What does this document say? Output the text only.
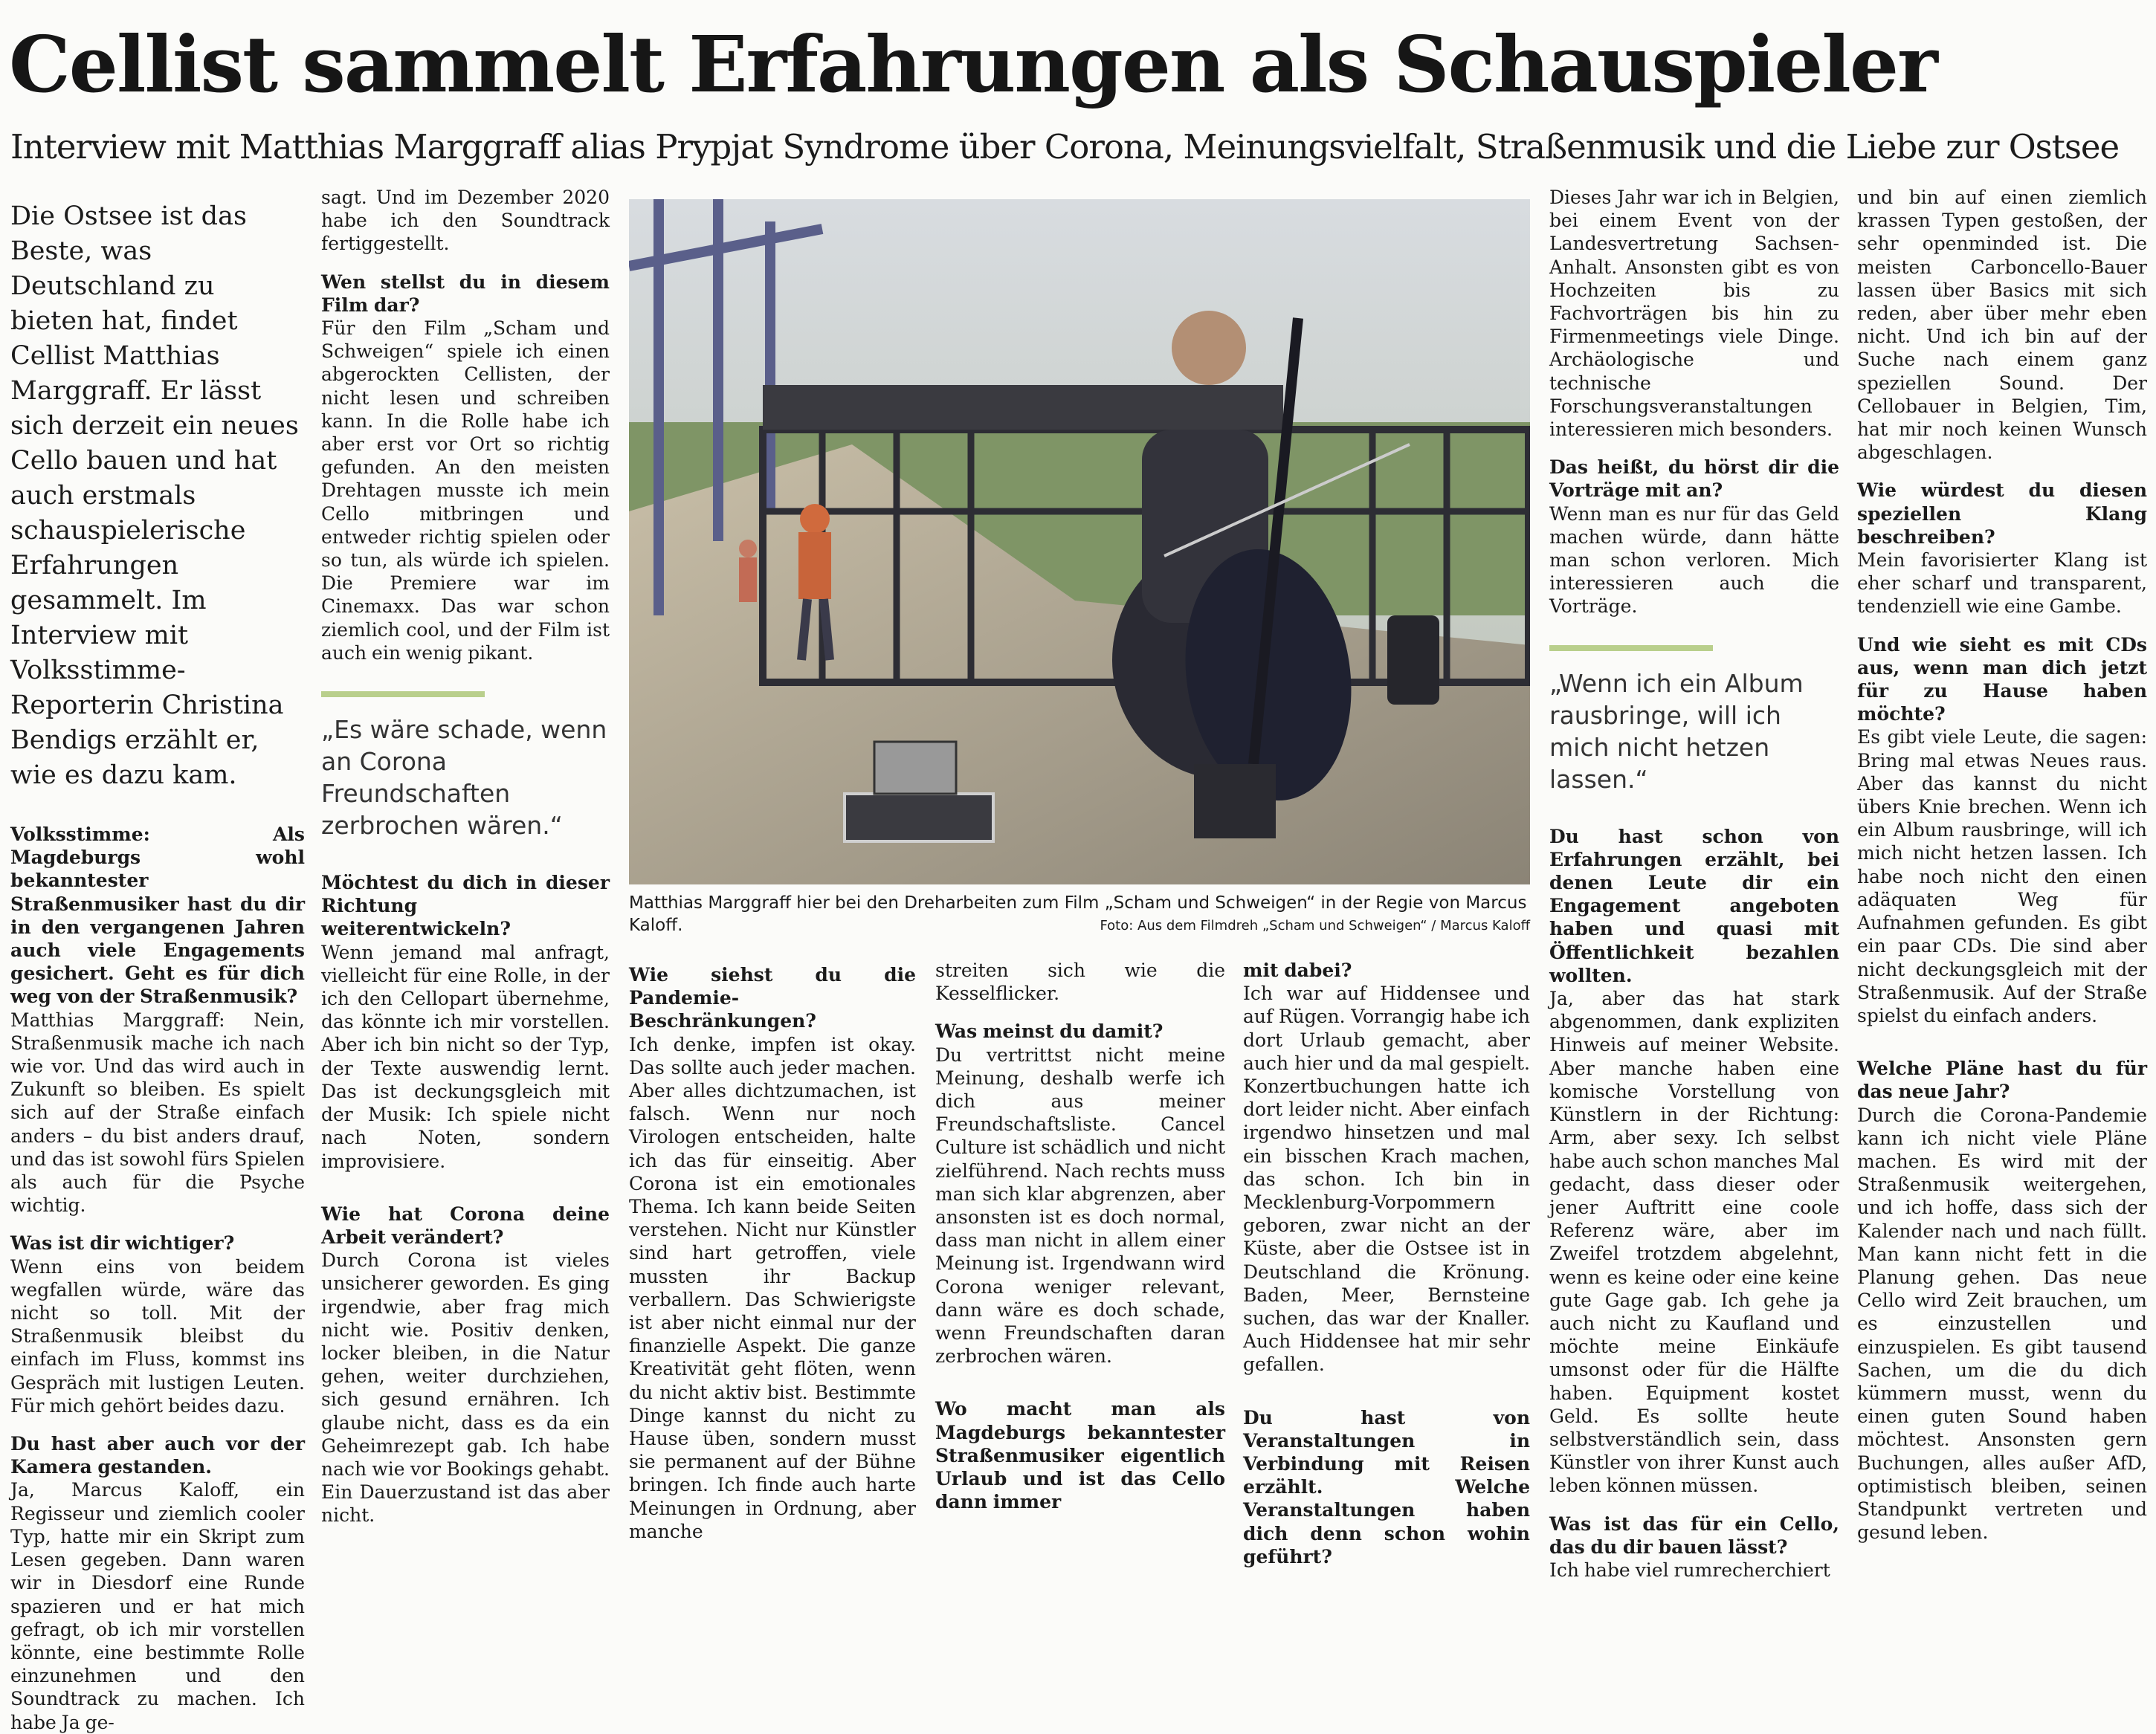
Cellist sammelt Erfahrungen als Schauspieler
Interview mit Matthias Marggraff alias Prypjat Syndrome über Corona, Meinungsvielfalt, Straßenmusik und die Liebe zur Ostsee

Die Ostsee ist das Beste, was Deutschland zu bieten hat, findet Cellist Matthias Marggraff. Er lässt sich derzeit ein neues Cello bauen und hat auch erstmals schauspielerische Erfahrungen gesammelt. Im Interview mit Volksstimme-Reporterin Christina Bendigs erzählt er, wie es dazu kam.

Volksstimme: Als Magdeburgs wohl bekanntester Straßenmusiker hast du dir in den vergangenen Jahren auch viele Engagements gesichert. Geht es für dich weg von der Straßenmusik?

Matthias Marggraff: Nein, Straßenmusik mache ich nach wie vor. Und das wird auch in Zukunft so bleiben. Es spielt sich auf der Straße einfach anders – du bist anders drauf, und das ist sowohl fürs Spielen als auch für die Psyche wichtig.

Was ist dir wichtiger?

Wenn eins von beidem wegfallen würde, wäre das nicht so toll. Mit der Straßenmusik bleibst du einfach im Fluss, kommst ins Gespräch mit lustigen Leuten. Für mich gehört beides dazu.

Du hast aber auch vor der Kamera gestanden.

Ja, Marcus Kaloff, ein Regisseur und ziemlich cooler Typ, hatte mir ein Skript zum Lesen gegeben. Dann waren wir in Diesdorf eine Runde spazieren und er hat mich gefragt, ob ich mir vorstellen könnte, eine bestimmte Rolle einzunehmen und den Soundtrack zu machen. Ich habe Ja ge-

sagt. Und im Dezember 2020 habe ich den Soundtrack fertiggestellt.

Wen stellst du in diesem Film dar?

Für den Film „Scham und Schweigen“ spiele ich einen abgerockten Cellisten, der nicht lesen und schreiben kann. In die Rolle habe ich aber erst vor Ort so richtig gefunden. An den meisten Drehtagen musste ich mein Cello mitbringen und entweder richtig spielen oder so tun, als würde ich spielen. Die Premiere war im Cinemaxx. Das war schon ziemlich cool, und der Film ist auch ein wenig pikant.

„Es wäre schade, wenn an Corona Freundschaften zerbrochen wären.“

Möchtest du dich in dieser Richtung weiterentwickeln?

Wenn jemand mal anfragt, vielleicht für eine Rolle, in der ich den Cellopart übernehme, das könnte ich mir vorstellen. Aber ich bin nicht so der Typ, der Texte auswendig lernt. Das ist deckungsgleich mit der Musik: Ich spiele nicht nach Noten, sondern improvisiere.

Wie hat Corona deine Arbeit verändert?

Durch Corona ist vieles unsicherer geworden. Es ging irgendwie, aber frag mich nicht wie. Positiv denken, locker bleiben, in die Natur gehen, weiter durchziehen, sich gesund ernähren. Ich glaube nicht, dass es da ein Geheimrezept gab. Ich habe nach wie vor Bookings gehabt. Ein Dauerzustand ist das aber nicht.

Matthias Marggraff hier bei den Dreharbeiten zum Film „Scham und Schweigen“ in der Regie von Marcus Kaloff.	Foto: Aus dem Filmdreh „Scham und Schweigen“ / Marcus Kaloff

Wie siehst du die Pandemie-Beschränkungen?

Ich denke, impfen ist okay. Das sollte auch jeder machen. Aber alles dichtzumachen, ist falsch. Wenn nur noch Virologen entscheiden, halte ich das für einseitig. Aber Corona ist ein emotionales Thema. Ich kann beide Seiten verstehen. Nicht nur Künstler sind hart getroffen, viele mussten ihr Backup verballern. Das Schwierigste ist aber nicht einmal nur der finanzielle Aspekt. Die ganze Kreativität geht flöten, wenn du nicht aktiv bist. Bestimmte Dinge kannst du nicht zu Hause üben, sondern musst sie permanent auf der Bühne bringen. Ich finde auch harte Meinungen in Ordnung, aber manche

streiten sich wie die Kesselflicker.

Was meinst du damit?

Du vertrittst nicht meine Meinung, deshalb werfe ich dich aus meiner Freundschaftsliste. Cancel Culture ist schädlich und nicht zielführend. Nach rechts muss man sich klar abgrenzen, aber ansonsten ist es doch normal, dass man nicht in allem einer Meinung ist. Irgendwann wird Corona weniger relevant, dann wäre es doch schade, wenn Freundschaften daran zerbrochen wären.

Wo macht man als Magdeburgs bekanntester Straßenmusiker eigentlich Urlaub und ist das Cello dann immer

mit dabei?

Ich war auf Hiddensee und auf Rügen. Vorrangig habe ich dort Urlaub gemacht, aber auch hier und da mal gespielt. Konzertbuchungen hatte ich dort leider nicht. Aber einfach irgendwo hinsetzen und mal ein bisschen Krach machen, das schon. Ich bin in Mecklenburg-Vorpommern geboren, zwar nicht an der Küste, aber die Ostsee ist in Deutschland die Krönung. Baden, Meer, Bernsteine suchen, das war der Knaller. Auch Hiddensee hat mir sehr gefallen.

Du hast von Veranstaltungen in Verbindung mit Reisen erzählt. Welche Veranstaltungen haben dich denn schon wohin geführt?

Dieses Jahr war ich in Belgien, bei einem Event von der Landesvertretung Sachsen-Anhalt. Ansonsten gibt es von Hochzeiten bis zu Fachvorträgen bis hin zu Firmenmeetings viele Dinge. Archäologische und technische Forschungsveranstaltungen interessieren mich besonders.

Das heißt, du hörst dir die Vorträge mit an?

Wenn man es nur für das Geld machen würde, dann hätte man schon verloren. Mich interessieren auch die Vorträge.

„Wenn ich ein Album rausbringe, will ich mich nicht hetzen lassen.“

Du hast schon von Erfahrungen erzählt, bei denen Leute dir ein Engagement angeboten haben und quasi mit Öffentlichkeit bezahlen wollten.

Ja, aber das hat stark abgenommen, dank expliziten Hinweis auf meiner Website. Aber manche haben eine komische Vorstellung von Künstlern in der Richtung: Arm, aber sexy. Ich selbst habe auch schon manches Mal gedacht, dass dieser oder jener Auftritt eine coole Referenz wäre, aber im Zweifel trotzdem abgelehnt, wenn es keine oder eine keine gute Gage gab. Ich gehe ja auch nicht zu Kaufland und möchte meine Einkäufe umsonst oder für die Hälfte haben. Equipment kostet Geld. Es sollte heute selbstverständlich sein, dass Künstler von ihrer Kunst auch leben können müssen.

Was ist das für ein Cello, das du dir bauen lässt?

Ich habe viel rumrecherchiert

und bin auf einen ziemlich krassen Typen gestoßen, der sehr openminded ist. Die meisten Carboncello-Bauer lassen über Basics mit sich reden, aber über mehr eben nicht. Und ich bin auf der Suche nach einem ganz speziellen Sound. Der Cellobauer in Belgien, Tim, hat mir noch keinen Wunsch abgeschlagen.

Wie würdest du diesen speziellen Klang beschreiben?

Mein favorisierter Klang ist eher scharf und transparent, tendenziell wie eine Gambe.

Und wie sieht es mit CDs aus, wenn man dich jetzt für zu Hause haben möchte?

Es gibt viele Leute, die sagen: Bring mal etwas Neues raus. Aber das kannst du nicht übers Knie brechen. Wenn ich ein Album rausbringe, will ich mich nicht hetzen lassen. Ich habe noch nicht den einen adäquaten Weg für Aufnahmen gefunden. Es gibt ein paar CDs. Die sind aber nicht deckungsgleich mit der Straßenmusik. Auf der Straße spielst du einfach anders.

Welche Pläne hast du für das neue Jahr?

Durch die Corona-Pandemie kann ich nicht viele Pläne machen. Es wird mit der Straßenmusik weitergehen, und ich hoffe, dass sich der Kalender nach und nach füllt. Man kann nicht fett in die Planung gehen. Das neue Cello wird Zeit brauchen, um es einzustellen und einzuspielen. Es gibt tausend Sachen, um die du dich kümmern musst, wenn du einen guten Sound haben möchtest. Ansonsten gern Buchungen, alles außer AfD, optimistisch bleiben, seinen Standpunkt vertreten und gesund leben.
